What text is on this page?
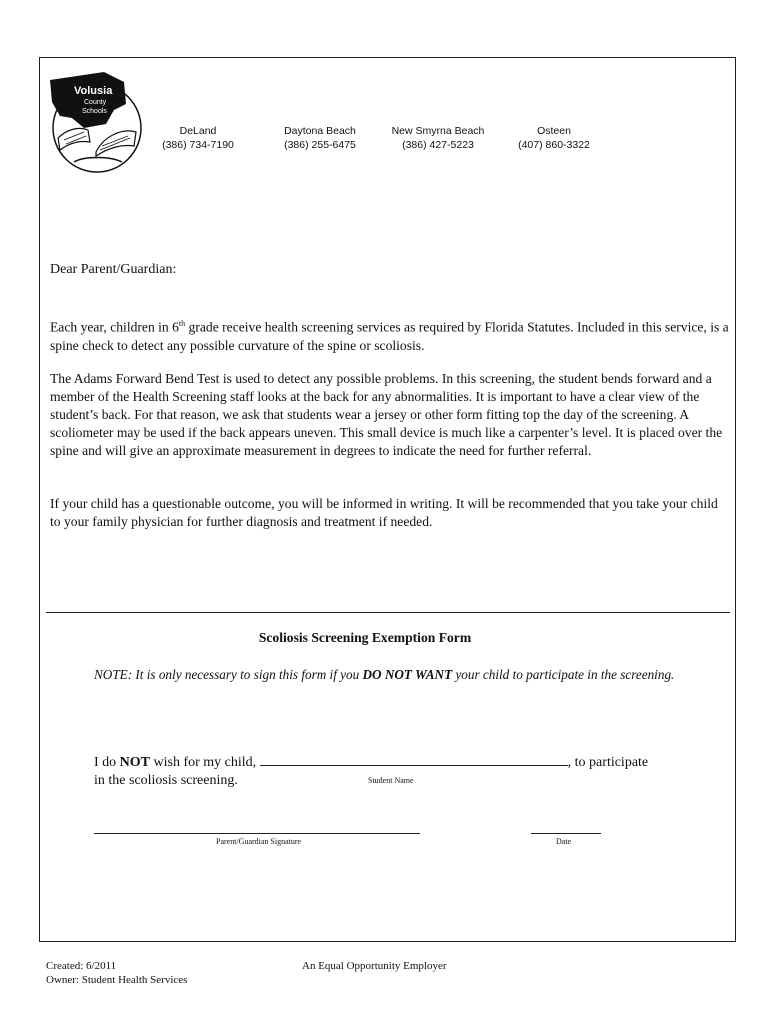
Volusia
County
Schools
DeLand
(386) 734-7190
Daytona Beach
(386) 255-6475
New Smyrna Beach
(386) 427-5223
Osteen
(407) 860-3322
Dear Parent/Guardian:

Each year, children in 6th grade receive health screening services as required by Florida Statutes. Included in this service, is a spine check to detect any possible curvature of the spine or scoliosis.

The Adams Forward Bend Test is used to detect any possible problems. In this screening, the student bends forward and a member of the Health Screening staff looks at the back for any abnormalities. It is important to have a clear view of the student’s back. For that reason, we ask that students wear a jersey or other form fitting top the day of the screening. A scoliometer may be used if the back appears uneven. This small device is much like a carpenter’s level. It is placed over the spine and will give an approximate measurement in degrees to indicate the need for further referral.

If your child has a questionable outcome, you will be informed in writing. It will be recommended that you take your child to your family physician for further diagnosis and treatment if needed.

Scoliosis Screening Exemption Form

NOTE: It is only necessary to sign this form if you DO NOT WANT your child to participate in the screening.

I do NOT wish for my child,	, to participate
in the scoliosis screening.	Student Name
Parent/Guardian Signature	Date
Created: 6/2011
Owner: Student Health Services
An Equal Opportunity Employer
